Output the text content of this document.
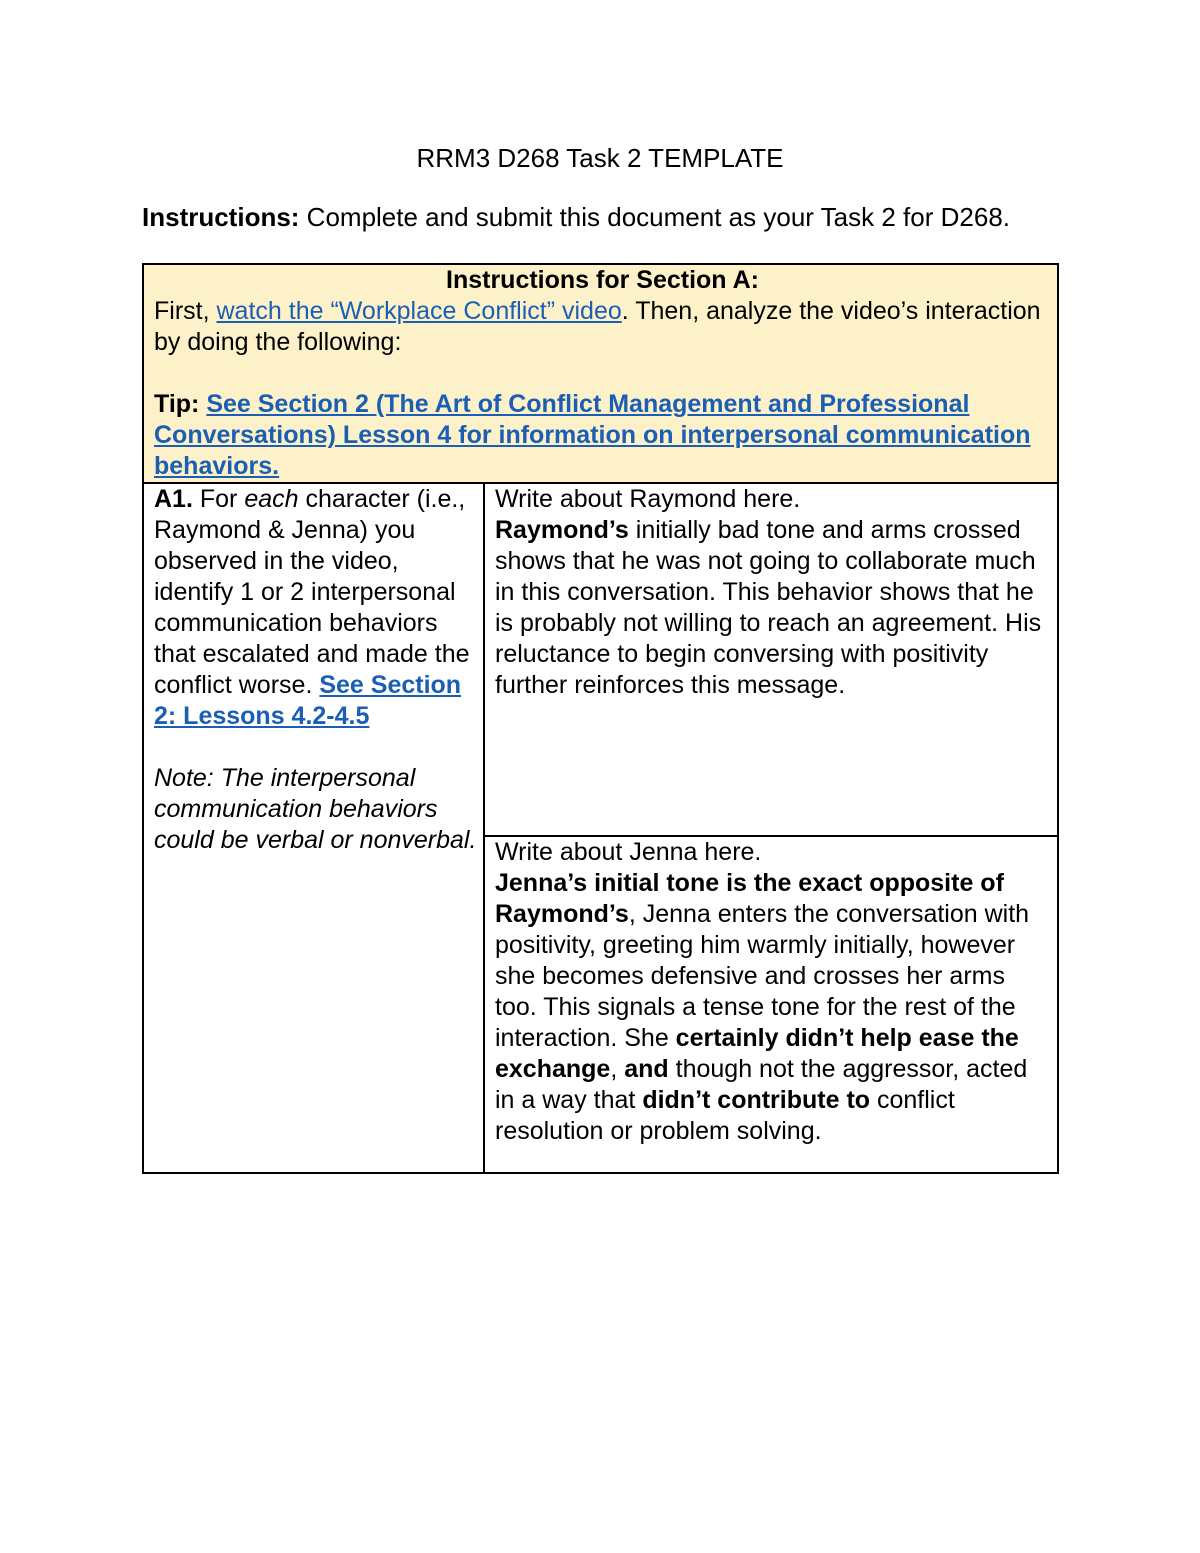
RRM3 D268 Task 2 TEMPLATE
Instructions: Complete and submit this document as your Task 2 for D268.
Instructions for Section A:
First, watch the “Workplace Conflict” video. Then, analyze the video’s interaction by doing the following:
Tip: See Section 2 (The Art of Conflict Management and Professional Conversations) Lesson 4 for information on interpersonal communication behaviors.

A1. For each character (i.e., Raymond & Jenna) you observed in the video, identify 1 or 2 interpersonal communication behaviors that escalated and made the conflict worse. See Section 2: Lessons 4.2-4.5
Note: The interpersonal communication behaviors could be verbal or nonverbal.

Write about Raymond here.
Raymond’s initially bad tone and arms crossed shows that he was not going to collaborate much in this conversation. This behavior shows that he is probably not willing to reach an agreement. His reluctance to begin conversing with positivity further reinforces this message.

Write about Jenna here.
Jenna’s initial tone is the exact opposite of Raymond’s, Jenna enters the conversation with positivity, greeting him warmly initially, however she becomes defensive and crosses her arms too. This signals a tense tone for the rest of the interaction. She certainly didn’t help ease the exchange, and though not the aggressor, acted in a way that didn’t contribute to conflict resolution or problem solving.
